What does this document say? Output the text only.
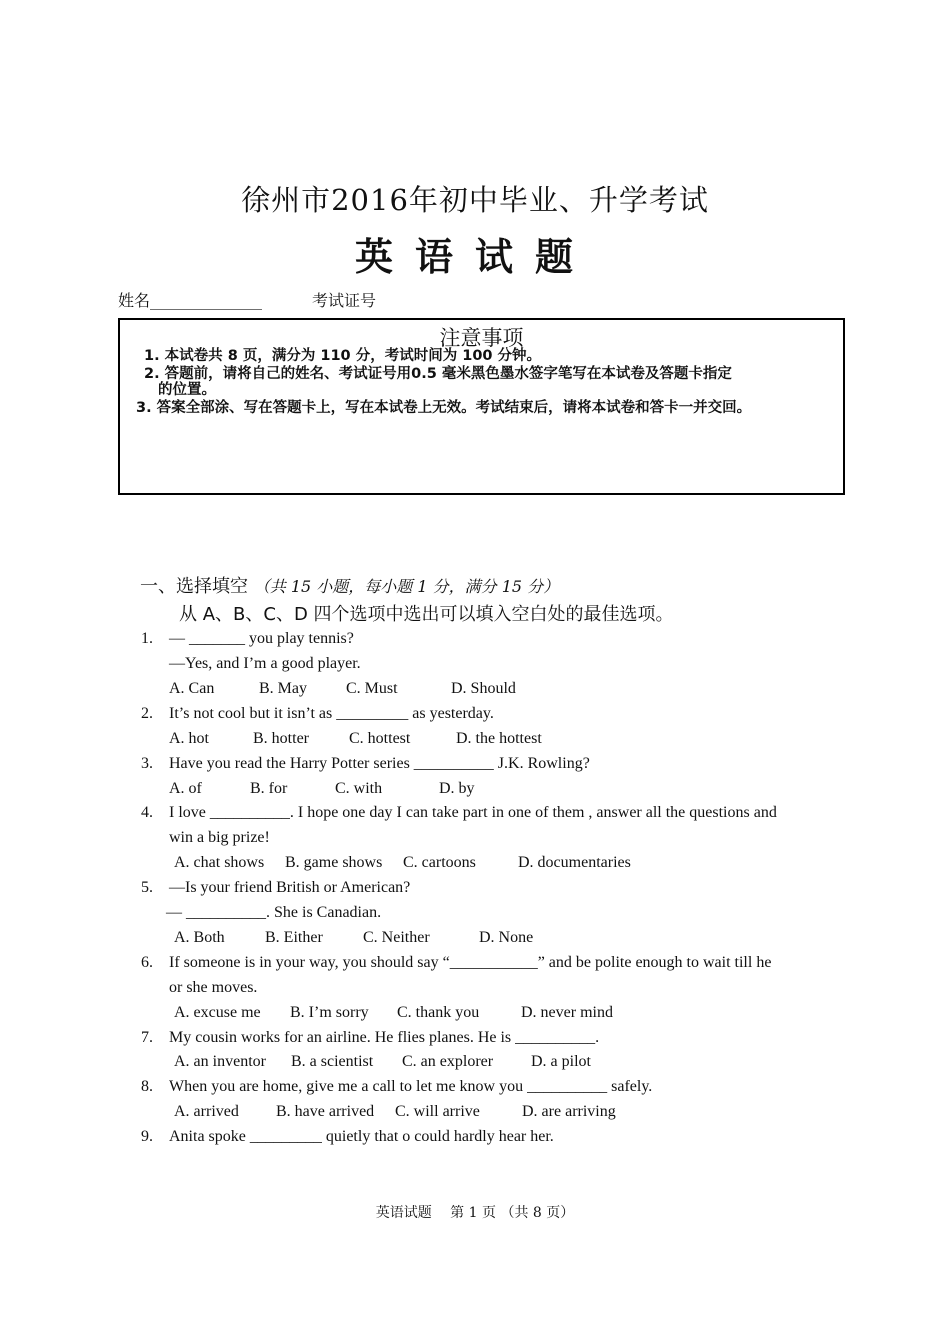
徐州市2016年初中毕业、升学考试
英语试题
姓名______________	考试证号
注意事项
1. 本试卷共 8 页，满分为 110 分，考试时间为 100 分钟。
2. 答题前，请将自己的姓名、考试证号用0.5 毫米黑色墨水签字笔写在本试卷及答题卡指定
的位置。
3. 答案全部涂、写在答题卡上，写在本试卷上无效。考试结束后，请将本试卷和答卡一并交回。
一、选择填空 （共 15 小题，每小题 1 分，满分 15 分）
从 A、B、C、D 四个选项中选出可以填入空白处的最佳选项。
1. — _______ you play tennis?
—Yes, and I’m a good player.
A. Can	B. May C. Must	D. Should
2. It’s not cool but it isn’t as _________ as yesterday.
A. hot	B. hotter	C. hottest	D. the hottest
3. Have you read the Harry Potter series __________ J.K. Rowling?
A. of	B. for	C. with	D. by
4. I love __________. I hope one day I can take part in one of them , answer all the questions and
win a big prize!
A. chat shows B. game shows C. cartoons	D. documentaries
5. —Is your friend British or American?
— __________. She is Canadian.
A. Both	B. Either	C. Neither	D. None
6. If someone is in your way, you should say “___________” and be polite enough to wait till he
or she moves.
A. excuse me B. I’m sorry C. thank you	D. never mind
7. My cousin works for an airline. He flies planes. He is __________.
A. an inventor B. a scientist C. an explorer D. a pilot
8. When you are home, give me a call to let me know you __________ safely.
A. arrived B. have arrived C. will arrive	D. are arriving
9. Anita spoke _________ quietly that o could hardly hear her.
英语试题　 第 1 页 （共 8 页）
